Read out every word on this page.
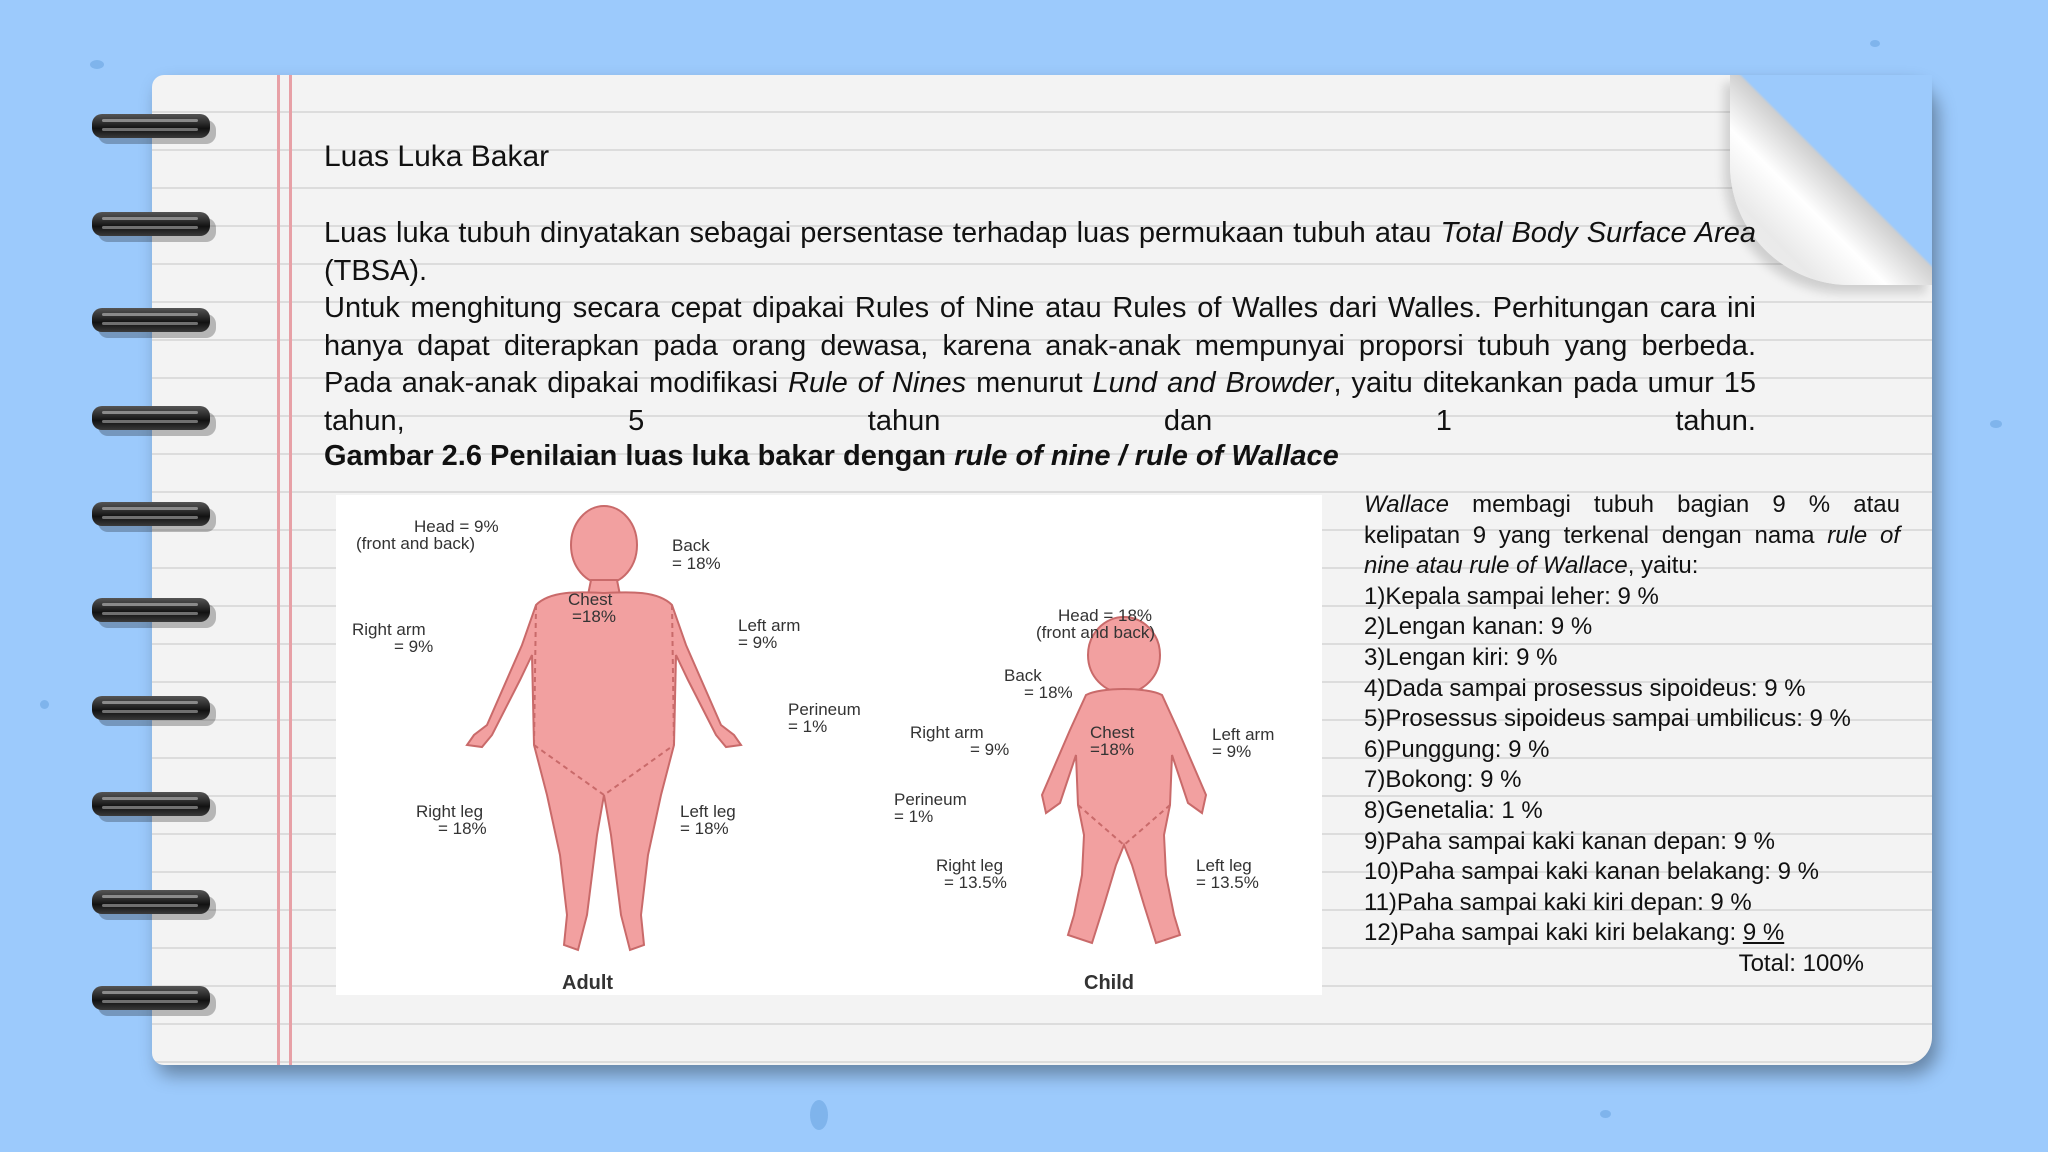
Luas Luka Bakar
Luas luka tubuh dinyatakan sebagai persentase terhadap luas permukaan tubuh atau Total Body Surface Area (TBSA).

Untuk menghitung secara cepat dipakai Rules of Nine atau Rules of Walles dari Walles. Perhitungan cara ini hanya dapat diterapkan pada orang dewasa, karena anak-anak mempunyai proporsi tubuh yang berbeda. Pada anak-anak dipakai modifikasi Rule of Nines menurut Lund and Browder, yaitu ditekankan pada umur 15 tahun, 5 tahun dan 1 tahun.
Gambar 2.6 Penilaian luas luka bakar dengan rule of nine / rule of Wallace
Head = 9%
(front and back)	Back
= 18%
Chest
=18%
Right arm
= 9%
Left arm
= 9%
Perineum
= 1%
Right leg
= 18%
Left leg
= 18%
Adult
Head = 18%
(front and back)
Back
= 18%
Chest
=18%
Right arm
= 9%
Left arm
= 9%
Perineum
= 1%
Right leg
= 13.5%
Left leg
= 13.5%
Child
Wallace membagi tubuh bagian 9 % atau kelipatan 9 yang terkenal dengan nama rule of nine atau rule of Wallace, yaitu:
1)Kepala sampai leher: 9 %
2)Lengan kanan: 9 %
3)Lengan kiri: 9 %
4)Dada sampai prosessus sipoideus: 9 %
5)Prosessus sipoideus sampai umbilicus: 9 %
6)Punggung: 9 %
7)Bokong: 9 %
8)Genetalia: 1 %
9)Paha sampai kaki kanan depan: 9 %
10)Paha sampai kaki kanan belakang: 9 %
11)Paha sampai kaki kiri depan: 9 %
12)Paha sampai kaki kiri belakang: 9 %
Total: 100%
